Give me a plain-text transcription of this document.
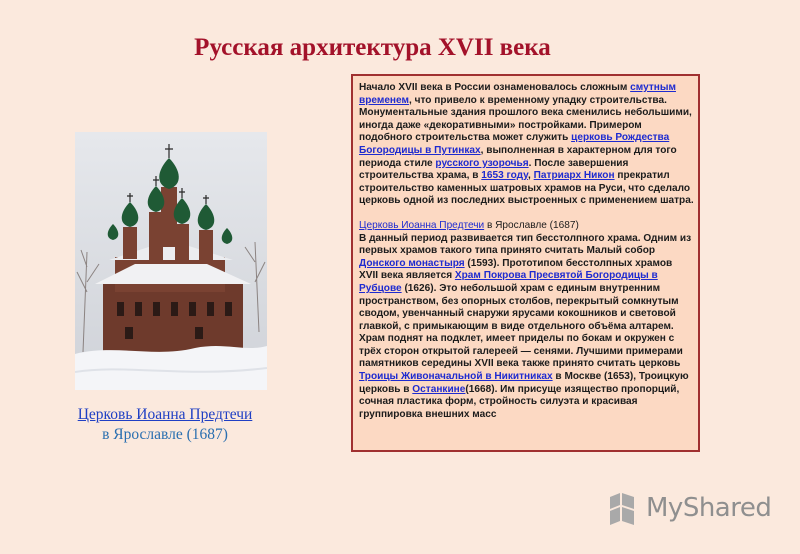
Русская архитектура XVII века
Церковь Иоанна Предтечи
в Ярославле (1687)

Начало XVII века в России ознаменовалось сложным смутным временем, что привело к временному упадку строительства. Монументальные здания прошлого века сменились небольшими, иногда даже «декоративными» постройками. Примером подобного строительства может служить церковь Рождества Богородицы в Путинках, выполненная в характерном для того периода стиле русского узорочья. После завершения строительства храма, в 1653 году, Патриарх Никон прекратил строительство каменных шатровых храмов на Руси, что сделало церковь одной из последних выстроенных с применением шатра.

Церковь Иоанна Предтечи в Ярославле (1687)
В данный период развивается тип бесстолпного храма. Одним из первых храмов такого типа принято считать Малый собор Донского монастыря (1593). Прототипом бесстолпных храмов XVII века является Храм Покрова Пресвятой Богородицы в Рубцове (1626). Это небольшой храм с единым внутренним пространством, без опорных столбов, перекрытый сомкнутым сводом, увенчанный снаружи ярусами кокошников и световой главкой, с примыкающим в виде отдельного объёма алтарем. Храм поднят на подклет, имеет приделы по бокам и окружен с трёх сторон открытой галереей — сенями. Лучшими примерами памятников середины XVII века также принято считать церковь Троицы Живоначальной в Никитниках в Москве (1653), Троицкую церковь в Останкине(1668). Им присуще изящество пропорций, сочная пластика форм, стройность силуэта и красивая группировка внешних масс

MyShared
